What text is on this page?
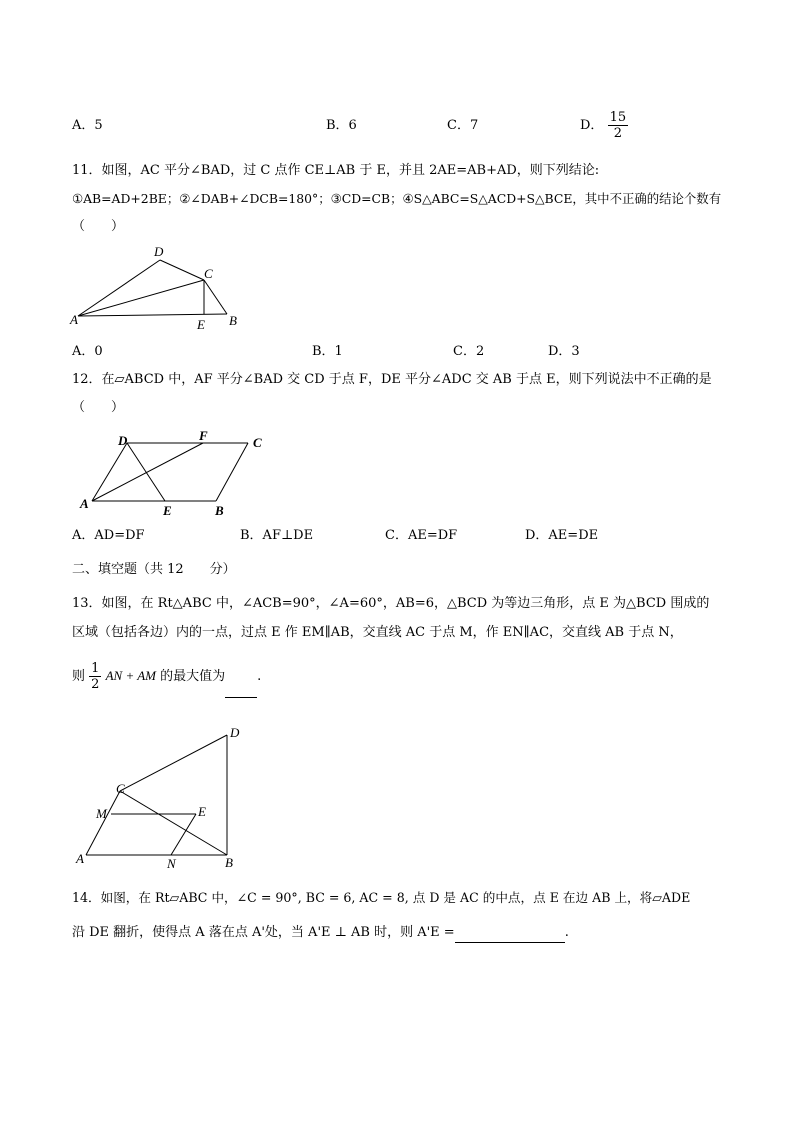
A．5	B．6	C．7	D． $\frac{15}{2}$
11．如图，AC 平分∠BAD，过 C 点作 CE⊥AB 于 E，并且 2AE=AB+AD，则下列结论:
①AB=AD+2BE；②∠DAB+∠DCB=180°；③CD=CB；④S△ABC=S△ACD+S△BCE，其中不正确的结论个数有
（　　）
D
C
A	E B
A．0	B．1	C．2	D．3
12．在▱ABCD 中，AF 平分∠BAD 交 CD 于点 F，DE 平分∠ADC 交 AB 于点 E，则下列说法中不正确的是
（　　）
D	F	C
A	E	B
A．AD=DF	B．AF⊥DE	C．AE=DF	D．AE=DE
二、填空题（共 12　　分）
13．如图，在 Rt△ABC 中，∠ACB=90°，∠A=60°，AB=6，△BCD 为等边三角形，点 E 为△BCD 围成的
区域（包括各边）内的一点，过点 E 作 EM∥AB，交直线 AC 于点 M，作 EN∥AC，交直线 AB 于点 N，
则 $\frac{1}{2}$ AN + AM 的最大值为 .
D
C
M	E
A	N	B
14．如图，在 Rt▱ABC 中，∠C = 90°, BC = 6, AC = 8, 点 D 是 AC 的中点，点 E 在边 AB 上，将▱ADE
沿 DE 翻折，使得点 A 落在点 A'处，当 A'E ⊥ AB 时，则 A'E =	.
